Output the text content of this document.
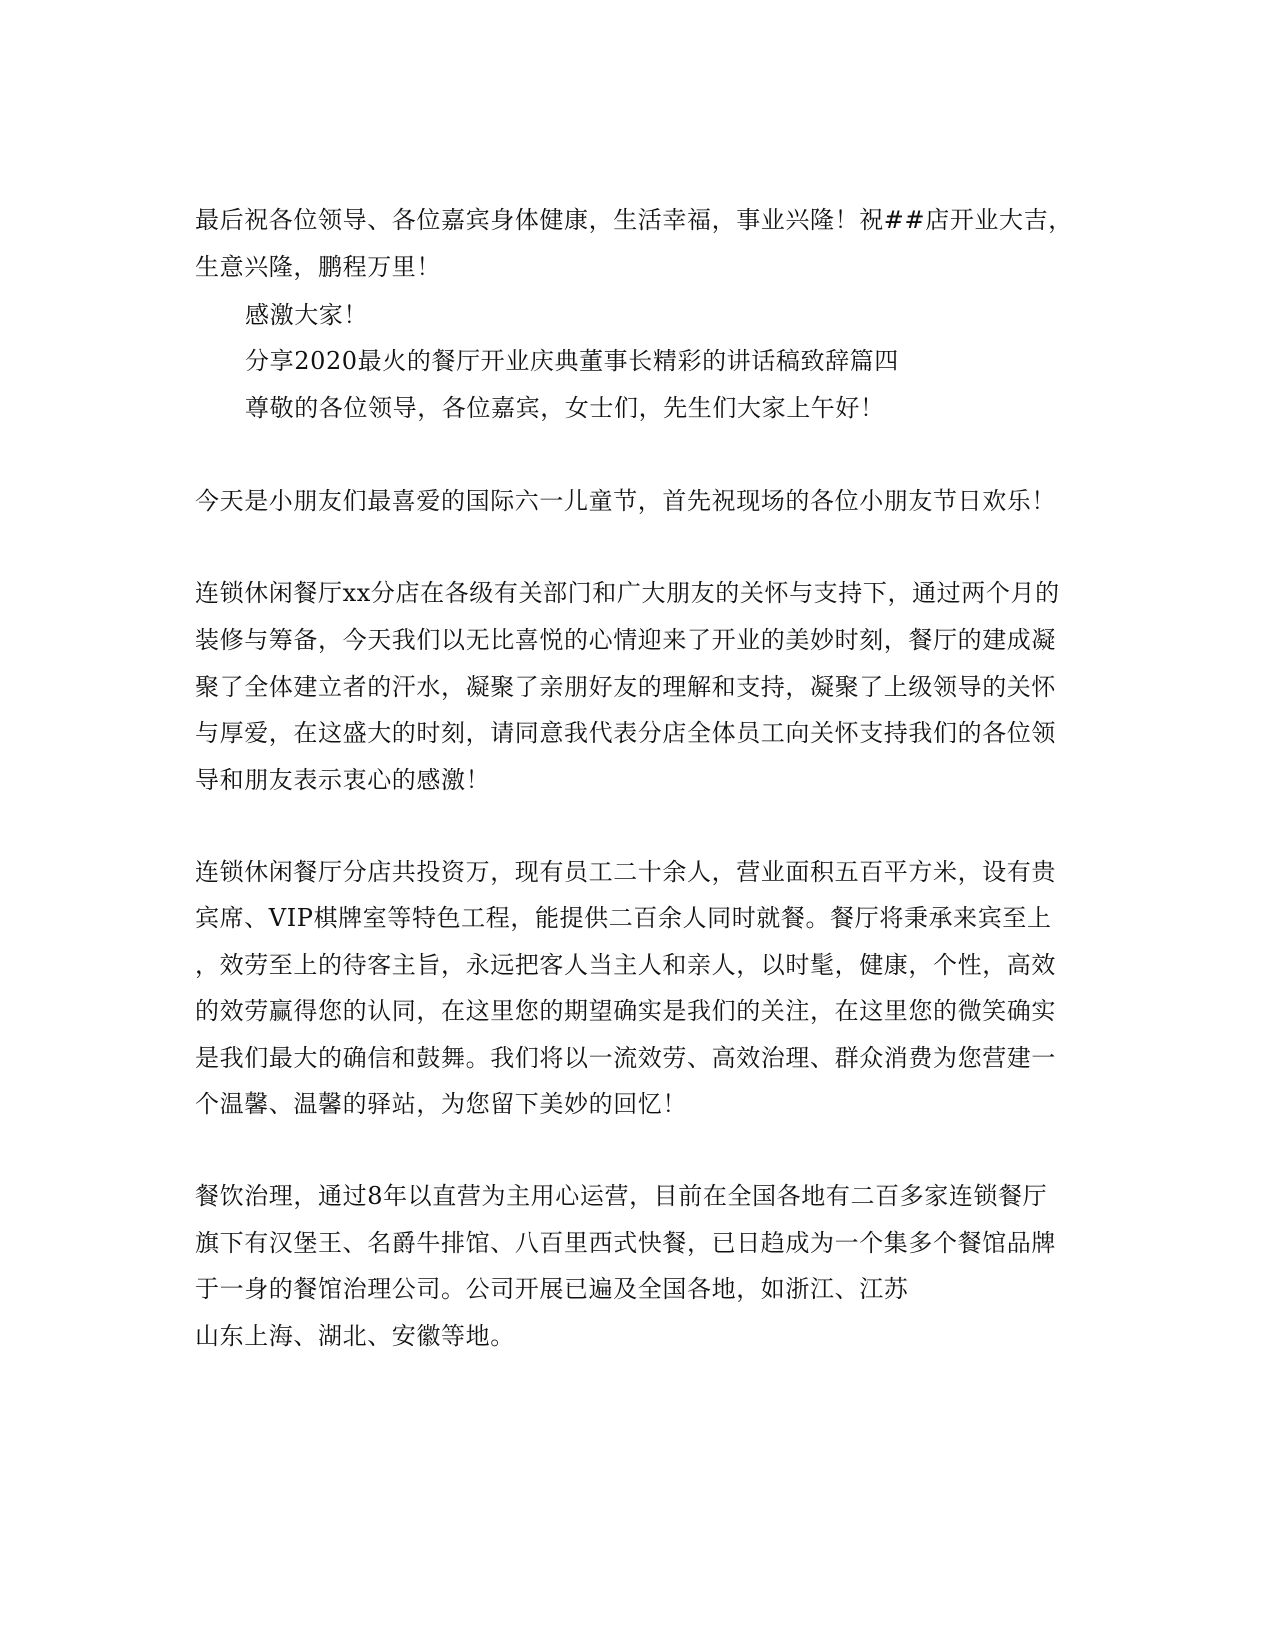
最后祝各位领导、各位嘉宾身体健康，生活幸福，事业兴隆！祝##店开业大吉，
生意兴隆，鹏程万里！
感激大家！
分享2020最火的餐厅开业庆典董事长精彩的讲话稿致辞篇四
尊敬的各位领导，各位嘉宾，女士们，先生们大家上午好！
今天是小朋友们最喜爱的国际六一儿童节，首先祝现场的各位小朋友节日欢乐！
连锁休闲餐厅xx分店在各级有关部门和广大朋友的关怀与支持下，通过两个月的
装修与筹备，今天我们以无比喜悦的心情迎来了开业的美妙时刻，餐厅的建成凝
聚了全体建立者的汗水，凝聚了亲朋好友的理解和支持，凝聚了上级领导的关怀
与厚爱，在这盛大的时刻，请同意我代表分店全体员工向关怀支持我们的各位领
导和朋友表示衷心的感激！
连锁休闲餐厅分店共投资万，现有员工二十余人，营业面积五百平方米，设有贵
宾席、VIP棋牌室等特色工程，能提供二百余人同时就餐。餐厅将秉承来宾至上
，效劳至上的待客主旨，永远把客人当主人和亲人，以时髦，健康，个性，高效
的效劳赢得您的认同，在这里您的期望确实是我们的关注，在这里您的微笑确实
是我们最大的确信和鼓舞。我们将以一流效劳、高效治理、群众消费为您营建一
个温馨、温馨的驿站，为您留下美妙的回忆！
餐饮治理，通过8年以直营为主用心运营，目前在全国各地有二百多家连锁餐厅
旗下有汉堡王、名爵牛排馆、八百里西式快餐，已日趋成为一个集多个餐馆品牌
于一身的餐馆治理公司。公司开展已遍及全国各地，如浙江、江苏
山东上海、湖北、安徽等地。
